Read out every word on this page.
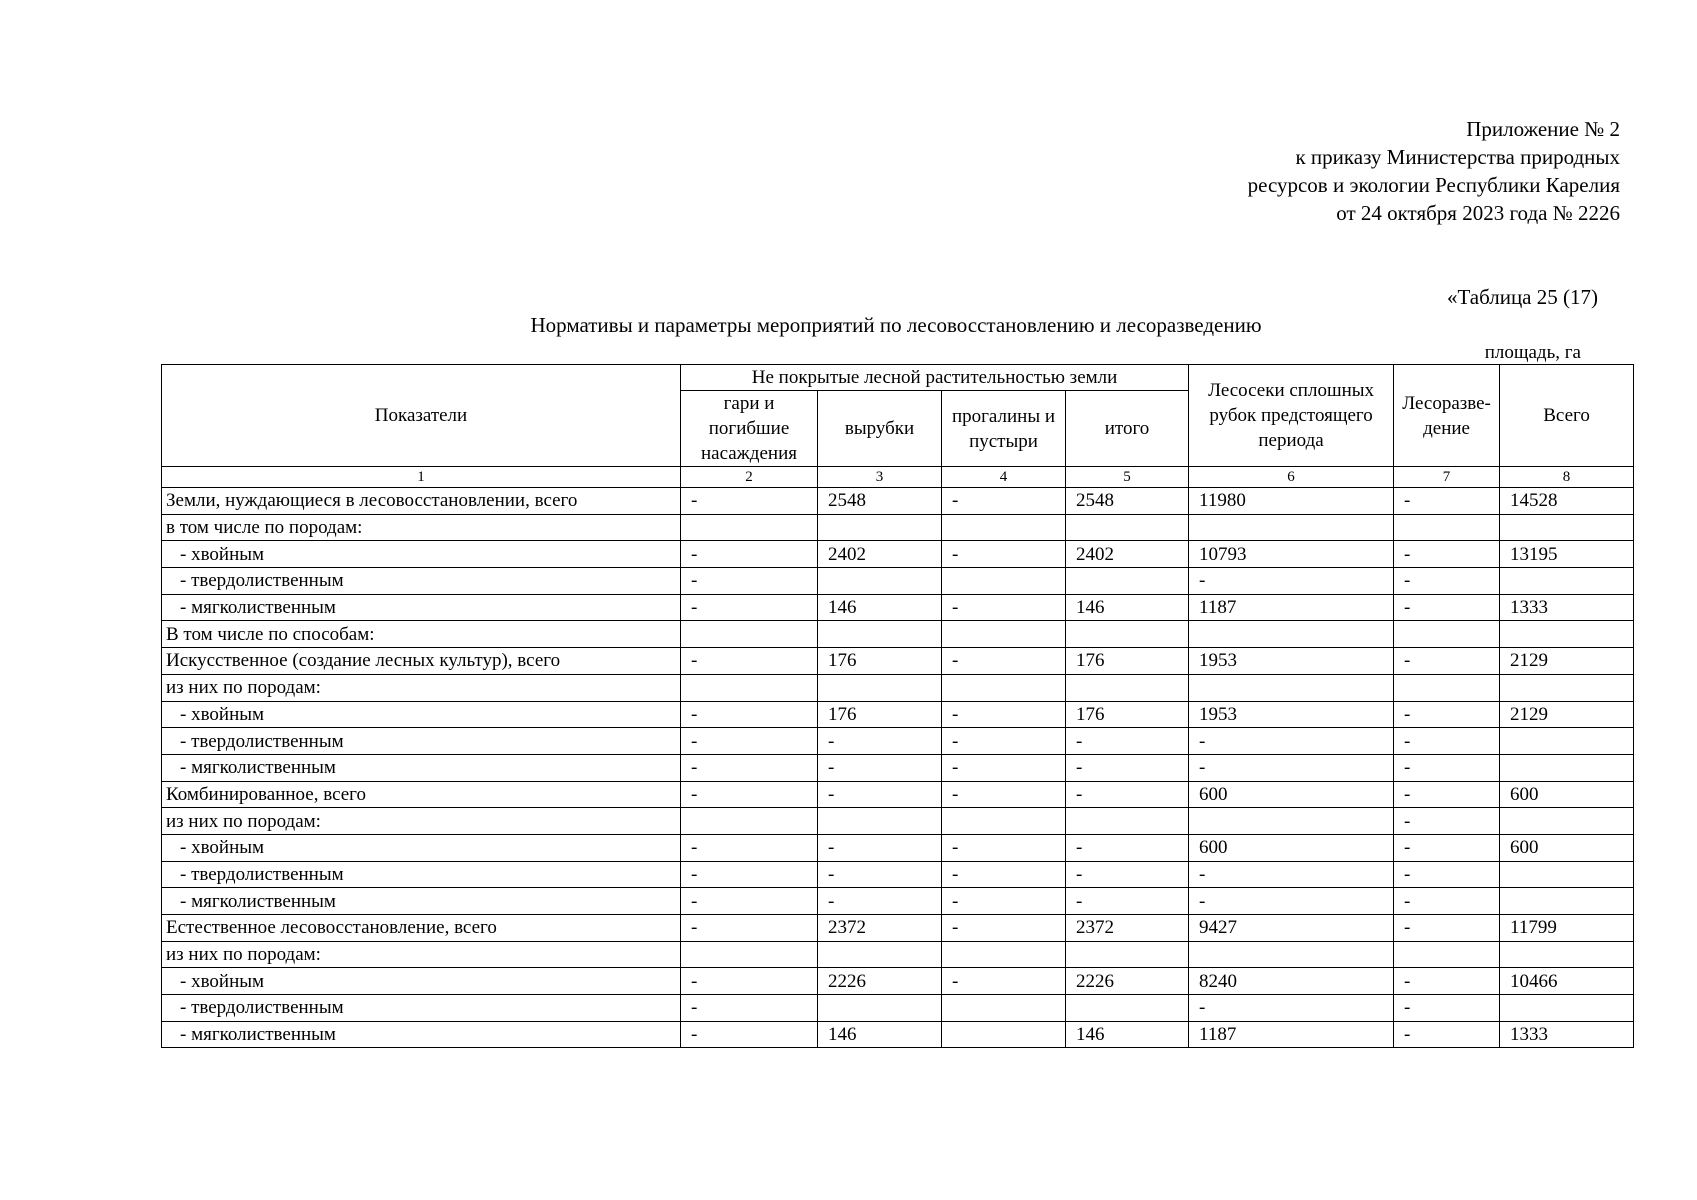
Приложение № 2
к приказу Министерства природных
ресурсов и экологии Республики Карелия
от 24 октября 2023 года № 2226
«Таблица 25 (17)
Нормативы и параметры мероприятий по лесовосстановлению и лесоразведению
площадь, га
Показатели	Не покрытые лесной растительностью земли				Лесосеки сплошных рубок предстоящего периода	Лесоразве-дение	Всего
	гари и погибшие насаждения	вырубки	прогалины и пустыри	итого			
1	2	3	4	5	6	7	8
Земли, нуждающиеся в лесовосстановлении, всего	-	2548	-	2548	11980	-	14528
в том числе по породам:							
- хвойным	-	2402	-	2402	10793	-	13195
- твердолиственным	-				-	-	
- мягколиственным	-	146	-	146	1187	-	1333
В том числе по способам:							
Искусственное (создание лесных культур), всего	-	176	-	176	1953	-	2129
из них по породам:							
- хвойным	-	176	-	176	1953	-	2129
- твердолиственным	-	-	-	-	-	-	
- мягколиственным	-	-	-	-	-	-	
Комбинированное, всего	-	-	-	-	600	-	600
из них по породам:						-	
- хвойным	-	-	-	-	600	-	600
- твердолиственным	-	-	-	-	-	-	
- мягколиственным	-	-	-	-	-	-	
Естественное лесовосстановление, всего	-	2372	-	2372	9427	-	11799
из них по породам:							
- хвойным	-	2226	-	2226	8240	-	10466
- твердолиственным	-				-	-	
- мягколиственным	-	146		146	1187	-	1333
